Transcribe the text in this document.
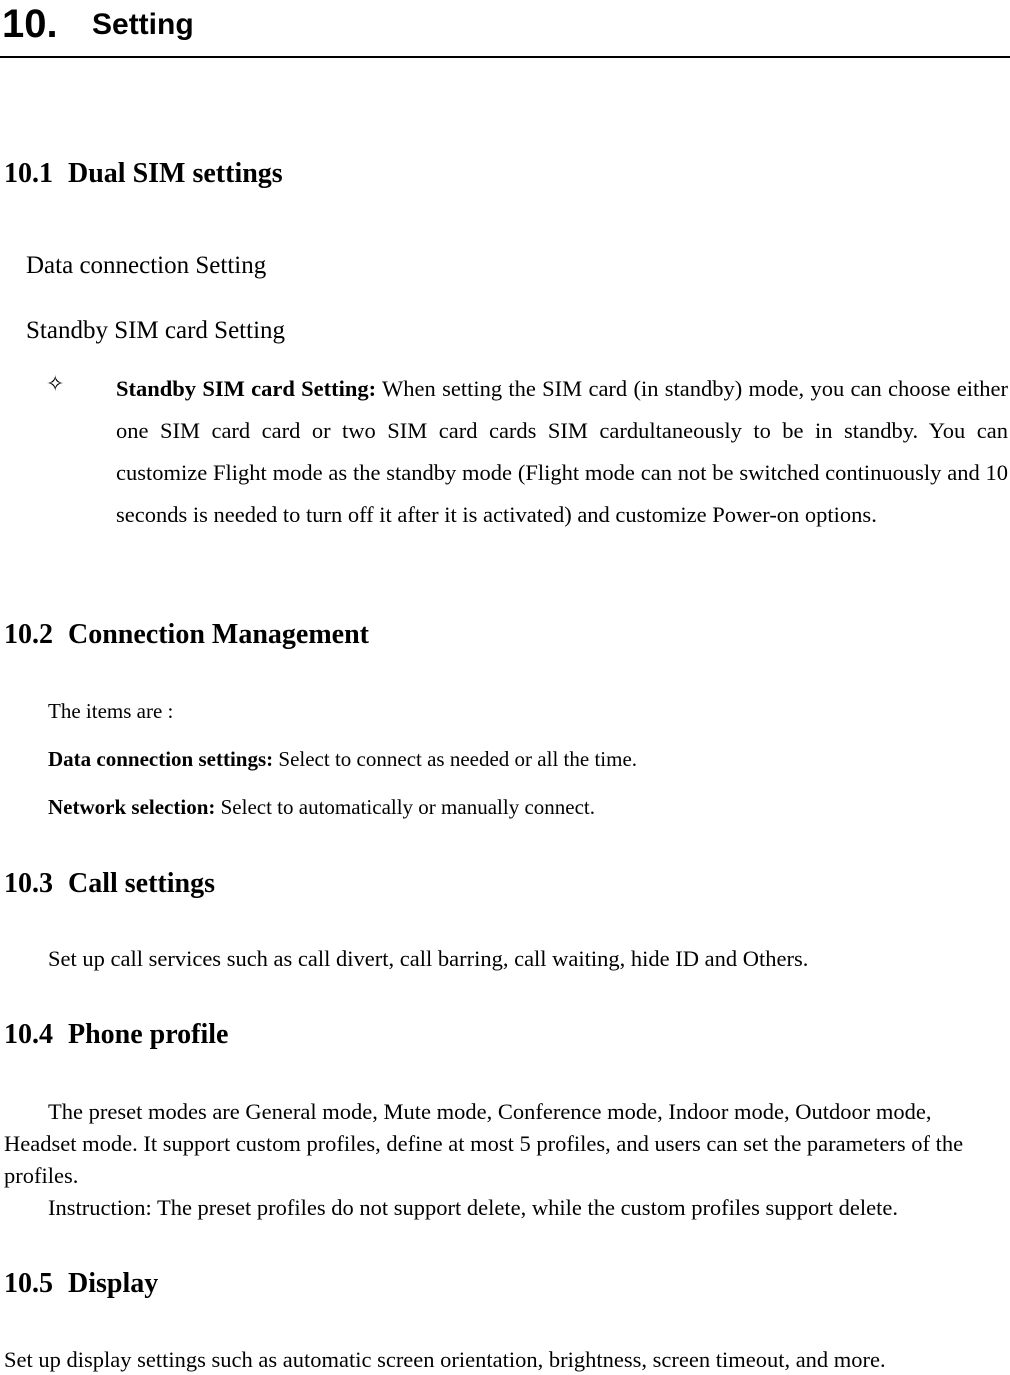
10. Setting
10.1 Dual SIM settings
Data connection Setting
Standby SIM card Setting
✧ Standby SIM card Setting: When setting the SIM card (in standby) mode, you can choose either one SIM card card or two SIM card cards SIM cardultaneously to be in standby. You can customize Flight mode as the standby mode (Flight mode can not be switched continuously and 10 seconds is needed to turn off it after it is activated) and customize Power-on options.
10.2 Connection Management
The items are :
Data connection settings: Select to connect as needed or all the time.
Network selection: Select to automatically or manually connect.
10.3 Call settings
Set up call services such as call divert, call barring, call waiting, hide ID and Others.
10.4 Phone profile
The preset modes are General mode, Mute mode, Conference mode, Indoor mode, Outdoor mode, Headset mode. It support custom profiles, define at most 5 profiles, and users can set the parameters of the profiles.
Instruction: The preset profiles do not support delete, while the custom profiles support delete.
10.5 Display
Set up display settings such as automatic screen orientation, brightness, screen timeout, and more.
